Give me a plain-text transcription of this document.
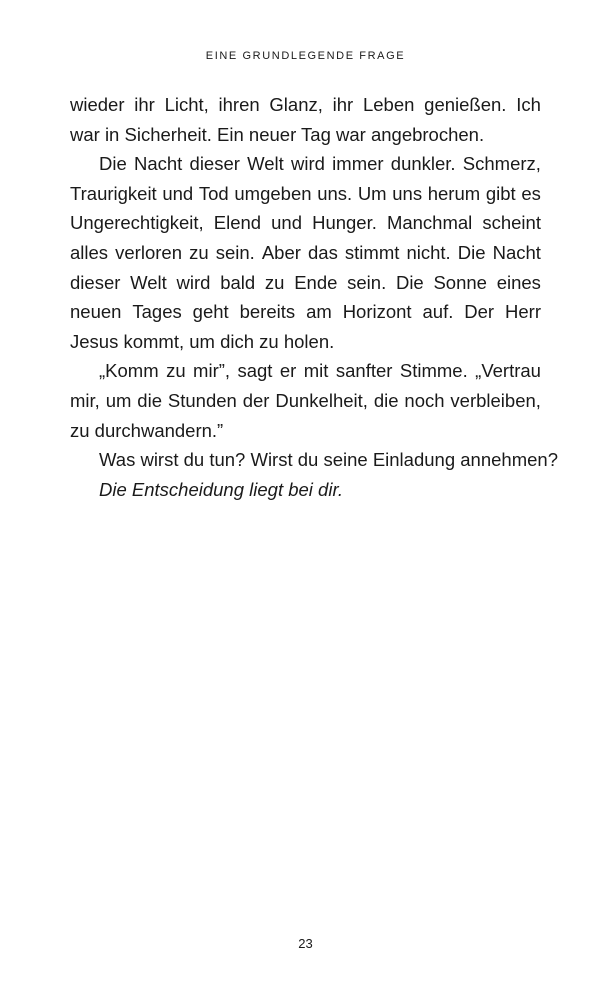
EINE GRUNDLEGENDE FRAGE
wieder ihr Licht, ihren Glanz, ihr Leben genießen. Ich
war in Sicherheit. Ein neuer Tag war angebrochen.
Die Nacht dieser Welt wird immer dunkler. Schmerz,
Traurigkeit und Tod umgeben uns. Um uns herum gibt es
Ungerechtigkeit, Elend und Hunger. Manchmal scheint
alles verloren zu sein. Aber das stimmt nicht. Die Nacht
dieser Welt wird bald zu Ende sein. Die Sonne eines
neuen Tages geht bereits am Horizont auf. Der Herr
Jesus kommt, um dich zu holen.
„Komm zu mir”, sagt er mit sanfter Stimme. „Vertrau
mir, um die Stunden der Dunkelheit, die noch verbleiben,
zu durchwandern.”
Was wirst du tun? Wirst du seine Einladung annehmen?
Die Entscheidung liegt bei dir.
23
